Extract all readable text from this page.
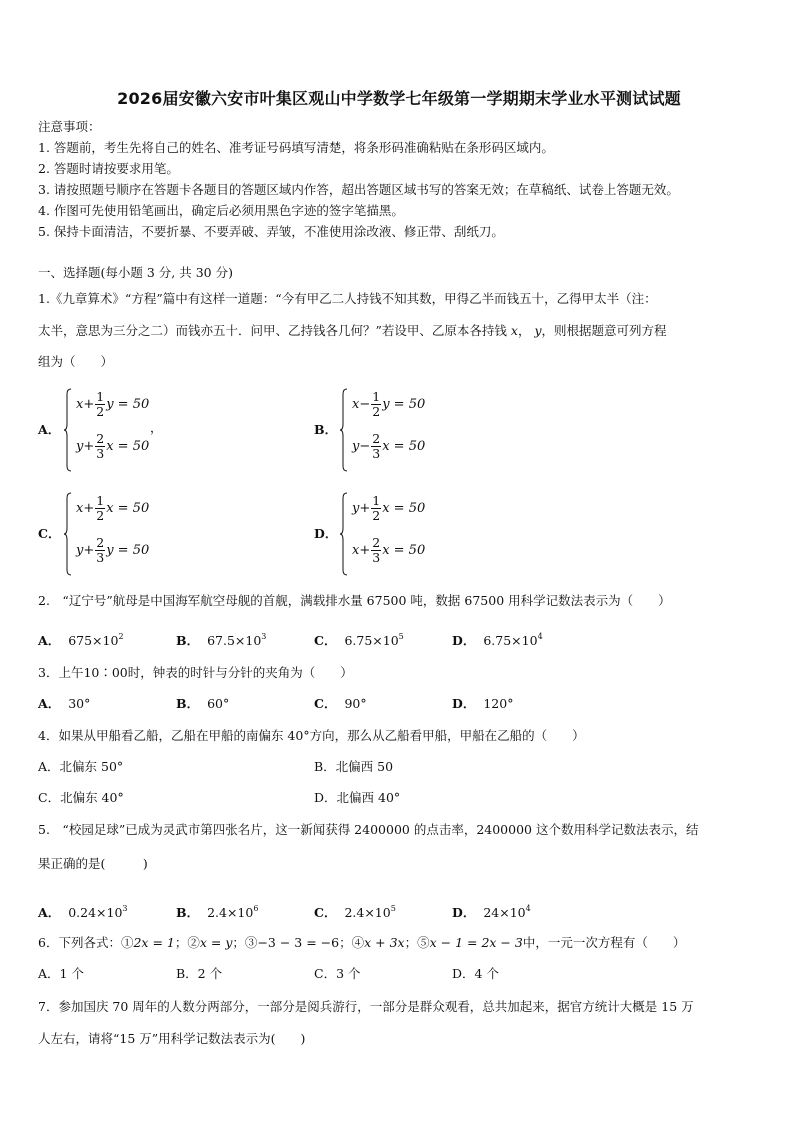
2026届安徽六安市叶集区观山中学数学七年级第一学期期末学业水平测试试题
注意事项：
1. 答题前，考生先将自己的姓名、准考证号码填写清楚，将条形码准确粘贴在条形码区域内。
2. 答题时请按要求用笔。
3. 请按照题号顺序在答题卡各题目的答题区域内作答，超出答题区域书写的答案无效；在草稿纸、试卷上答题无效。
4. 作图可先使用铅笔画出，确定后必须用黑色字迹的签字笔描黑。
5. 保持卡面清洁，不要折暴、不要弄破、弄皱，不准使用涂改液、修正带、刮纸刀。
一、选择题(每小题 3 分, 共 30 分)
1.《九章算术》“方程”篇中有这样一道题：“今有甲乙二人持钱不知其数，甲得乙半而钱五十，乙得甲太半（注：
太半，意思为三分之二）而钱亦五十．问甲、乙持钱各几何？”若设甲、乙原本各持钱 x， y，则根据题意可列方程
组为（　　）
A．
$x+ \frac{1}{2}$ y = 50
$y+ \frac{2}{3}$ x = 50
，	B．
$x- \frac{1}{2}$ y = 50
$y- \frac{2}{3}$ x = 50
C．
$x+ \frac{1}{2}$ x = 50
$y+ \frac{2}{3}$ y = 50
D．
$y+ \frac{1}{2}$ x = 50
$x+ \frac{2}{3}$ x = 50
2.　“辽宁号”航母是中国海军航空母舰的首舰，满载排水量 67500 吨，数据 67500 用科学记数法表示为（　　）
A． $675\times 10^2$	B． $67.5\times 10^3$	C． $6.75\times 10^5$	D． $6.75\times 10^4$
3．上午10∶00时，钟表的时针与分针的夹角为（　　）
A． 30°	B． 60°	C． 90°	D． 120°
4．如果从甲船看乙船，乙船在甲船的南偏东 40°方向，那么从乙船看甲船，甲船在乙船的（　　）
A．北偏东 50°	B．北偏西 50
C．北偏东 40°	D．北偏西 40°
5.　“校园足球”已成为灵武市第四张名片，这一新闻获得 2400000 的点击率，2400000 这个数用科学记数法表示，结
果正确的是(　　　)
A． $0.24\times 10^3$	B． $2.4\times 10^6$	C． $2.4\times 10^5$	D． $24\times 10^4$
6．下列各式：①2x = 1；②x = y；③−3 − 3 = −6；④x + 3x；⑤x − 1 = 2x − 3中，一元一次方程有（　　）
A．1 个	B．2 个	C．3 个	D．4 个
7．参加国庆 70 周年的人数分两部分，一部分是阅兵游行，一部分是群众观看，总共加起来，据官方统计大概是 15 万
人左右，请将“15 万”用科学记数法表示为(　　)
